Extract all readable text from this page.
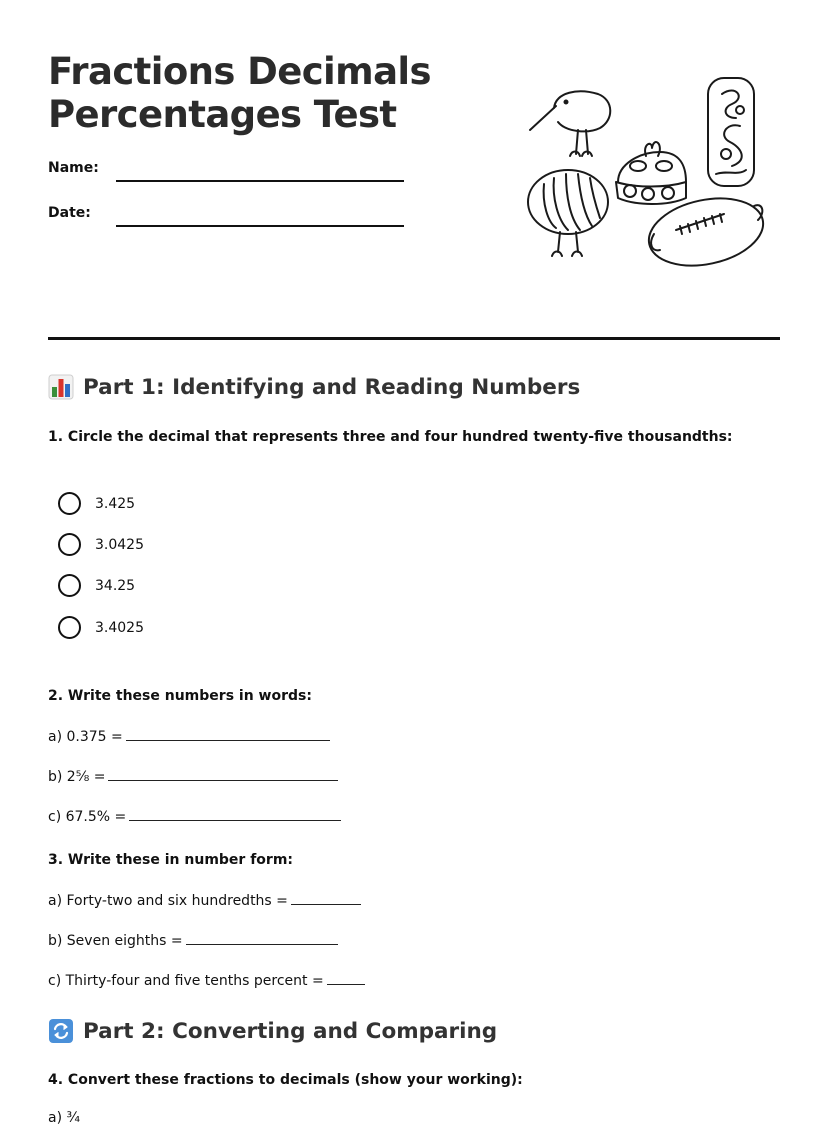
Fractions Decimals
Percentages Test
Name:
Date:
Part 1: Identifying and Reading Numbers
1. Circle the decimal that represents three and four hundred twenty-five thousandths:
3.425
3.0425
34.25
3.4025
2. Write these numbers in words:
a) 0.375 =
b) 2⅝ =
c) 67.5% =
3. Write these in number form:
a) Forty-two and six hundredths =
b) Seven eighths =
c) Thirty-four and five tenths percent =
Part 2: Converting and Comparing
4. Convert these fractions to decimals (show your working):
a) ¾
